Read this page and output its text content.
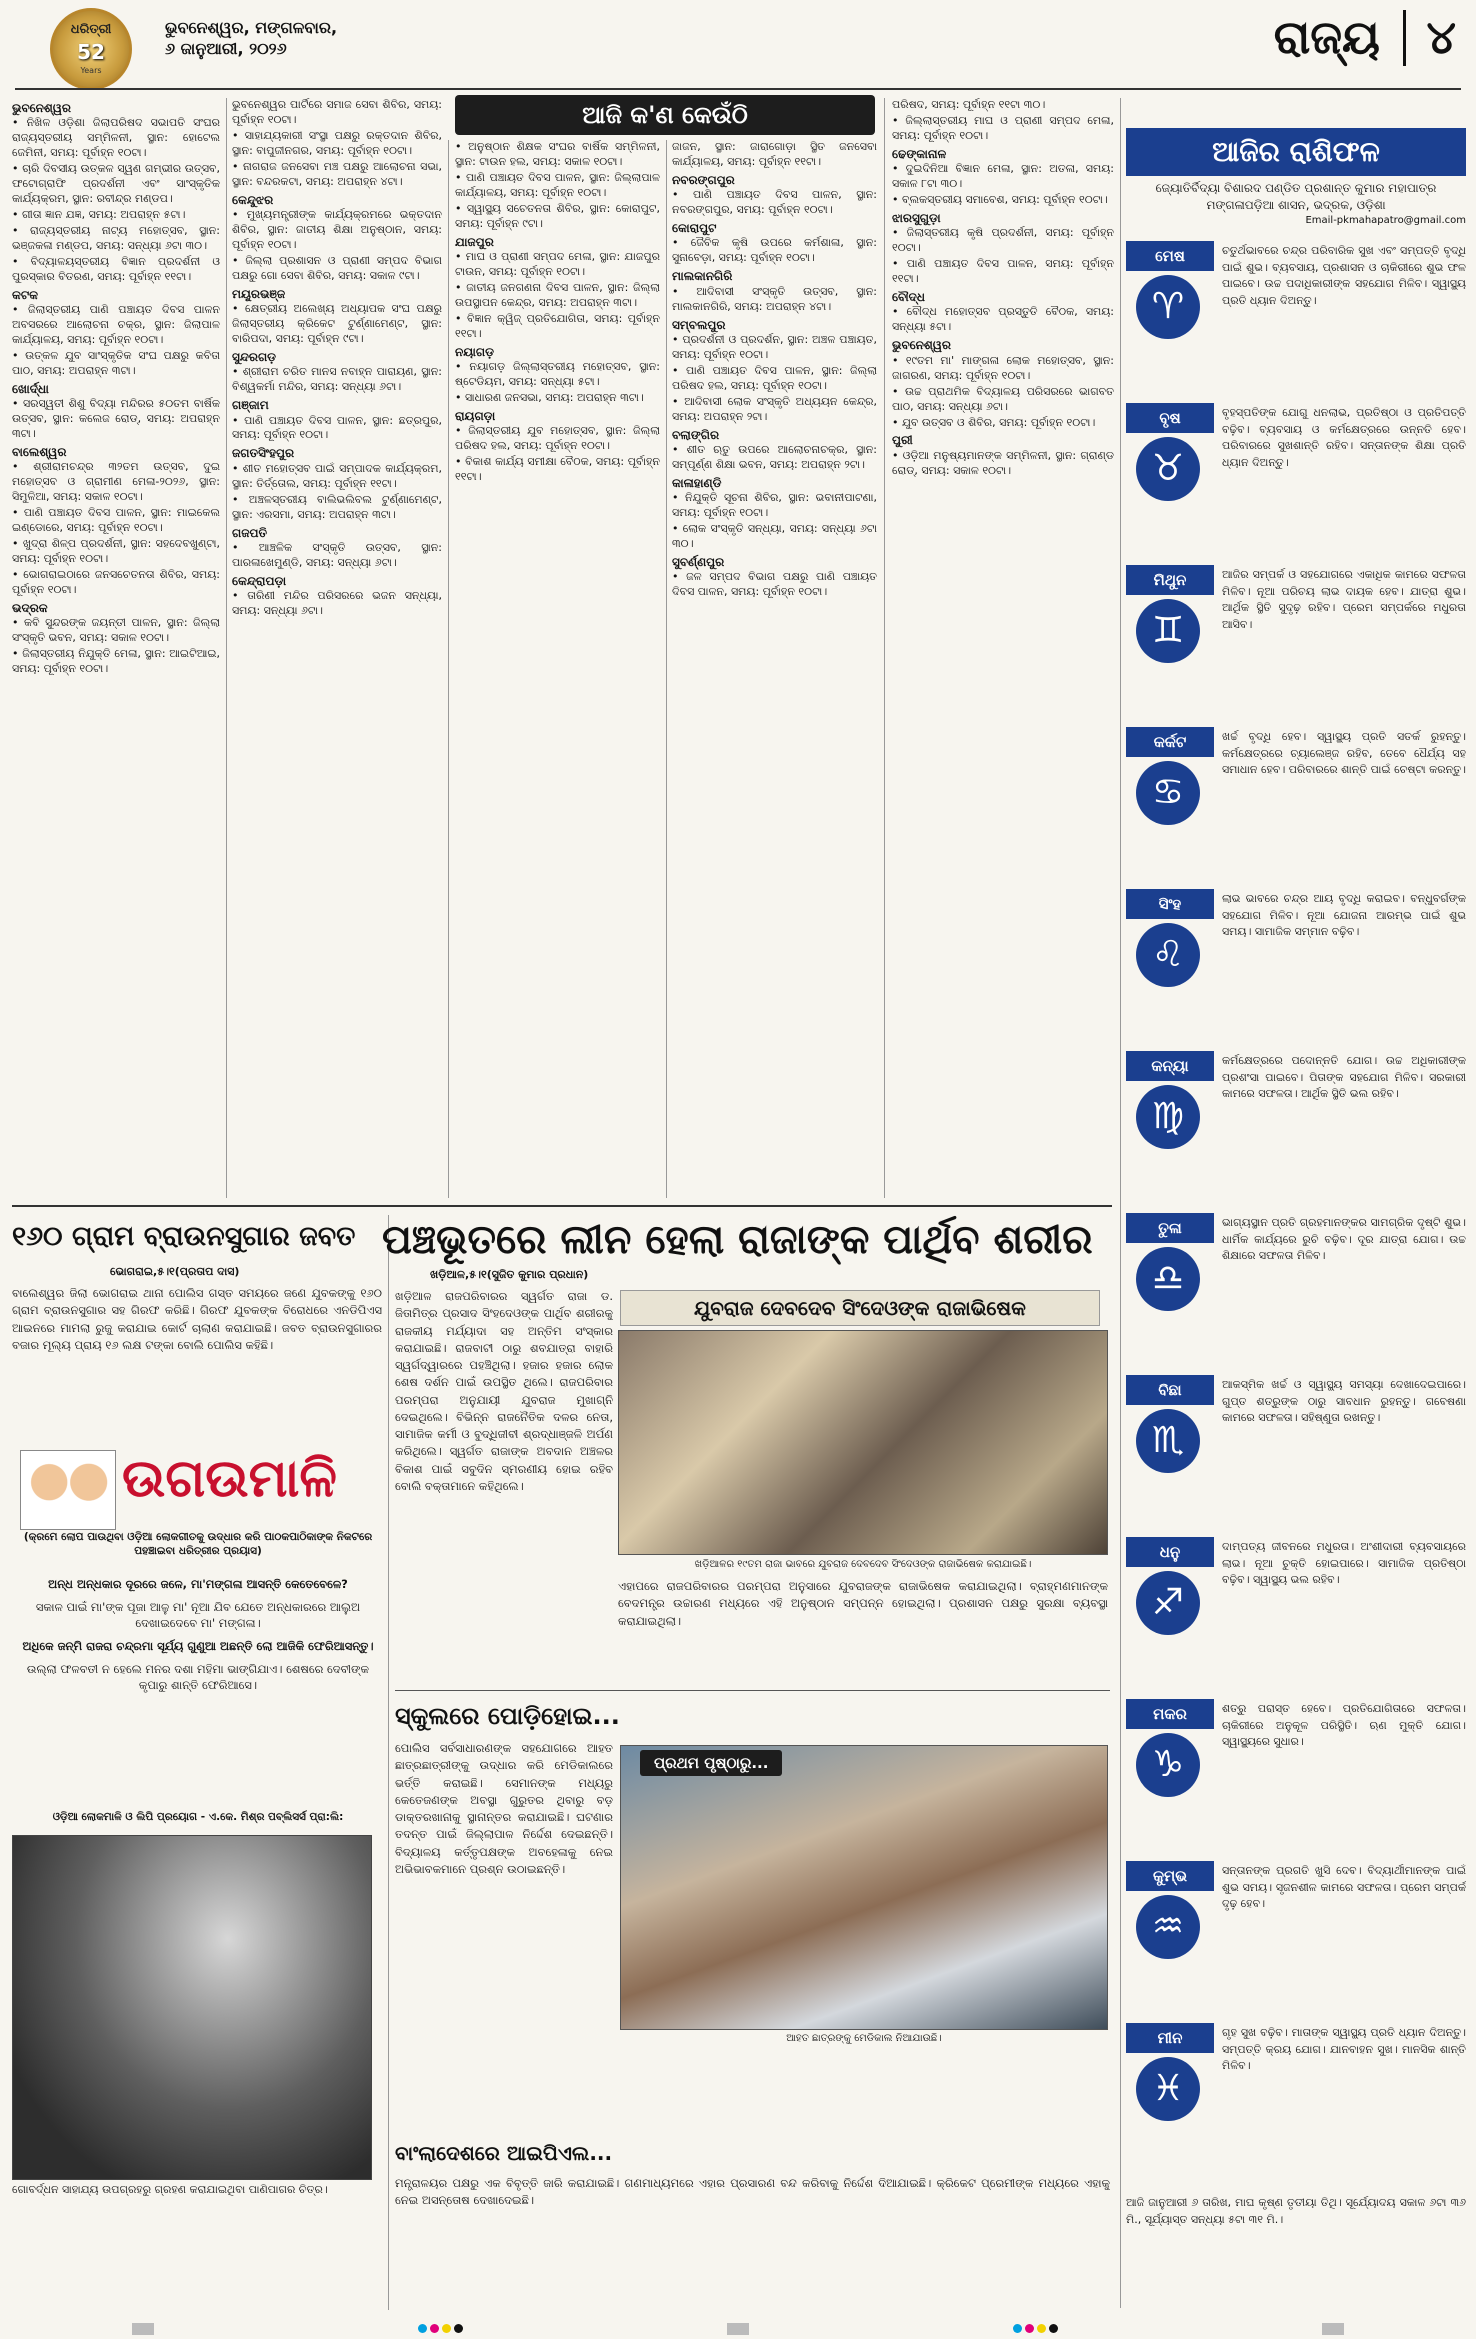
ଧରିତ୍ରୀ
52
Years
ଭୁବନେଶ୍ୱର, ମଙ୍ଗଳବାର,
୬ ଜାନୁଆରୀ, ୨୦୨୬	ରାଜ୍ୟ ୪
ଆଜି କ'ଣ କେଉଁଠି
ଭୁବନେଶ୍ୱର

• ନିଖିଳ ଓଡ଼ିଶା ଜିଲାପରିଷଦ ସଭାପତି ସଂଘର ରାଜ୍ୟସ୍ତରୀୟ ସମ୍ମିଳନୀ, ସ୍ଥାନ: ହୋଟେଲ ଜେମିନୀ, ସମୟ: ପୂର୍ବାହ୍ନ ୧୦ଟା।

• ଚାରି ଦିବସୀୟ ଉତ୍କଳ ସ୍ୱଣ ଗମ୍ଭୀର ଉତ୍ସବ, ଫଟୋଗ୍ରାଫି ପ୍ରଦର୍ଶନୀ ଏବଂ ସାଂସ୍କୃତିକ କାର୍ଯ୍ୟକ୍ରମ, ସ୍ଥାନ: ରବୀନ୍ଦ୍ର ମଣ୍ଡପ।

• ଗୀତା ଜ୍ଞାନ ଯଜ୍ଞ, ସମୟ: ଅପରାହ୍ନ ୫ଟା।

• ରାଜ୍ୟସ୍ତରୀୟ ନାଟ୍ୟ ମହୋତ୍ସବ, ସ୍ଥାନ: ଭଞ୍ଜକଳା ମଣ୍ଡପ, ସମୟ: ସନ୍ଧ୍ୟା ୬ଟା ୩୦।

• ବିଦ୍ୟାଳୟସ୍ତରୀୟ ବିଜ୍ଞାନ ପ୍ରଦର୍ଶନୀ ଓ ପୁରସ୍କାର ବିତରଣ, ସମୟ: ପୂର୍ବାହ୍ନ ୧୧ଟା।

କଟକ

• ଜିଲାସ୍ତରୀୟ ପାଣି ପଞ୍ଚାୟତ ଦିବସ ପାଳନ ଅବସରରେ ଆଲୋଚନା ଚକ୍ର, ସ୍ଥାନ: ଜିଲାପାଳ କାର୍ଯ୍ୟାଳୟ, ସମୟ: ପୂର୍ବାହ୍ନ ୧୦ଟା।

• ଉତ୍କଳ ଯୁବ ସାଂସ୍କୃତିକ ସଂଘ ପକ୍ଷରୁ କବିତା ପାଠ, ସମୟ: ଅପରାହ୍ନ ୩ଟା।

ଖୋର୍ଦ୍ଧା

• ସରସ୍ୱତୀ ଶିଶୁ ବିଦ୍ୟା ମନ୍ଦିରର ୫୦ତମ ବାର୍ଷିକ ଉତ୍ସବ, ସ୍ଥାନ: କଲେଜ ରୋଡ୍, ସମୟ: ଅପରାହ୍ନ ୩ଟା।

ବାଲେଶ୍ୱର

• ଶ୍ରୀରାମଚନ୍ଦ୍ର ୩୨ତମ ଉତ୍ସବ, ଦୁଇ ମହୋତ୍ସବ ଓ ଗ୍ରାମୀଣ ମେଳା-୨୦୨୬, ସ୍ଥାନ: ସିମୁଳିଆ, ସମୟ: ସକାଳ ୧୦ଟା।

• ପାଣି ପଞ୍ଚାୟତ ଦିବସ ପାଳନ, ସ୍ଥାନ: ମାଇକେଲ ଇଣ୍ଡୋରେ, ସମୟ: ପୂର୍ବାହ୍ନ ୧୦ଟା।

• ଖୁଦ୍ରା ଶିଳ୍ପ ପ୍ରଦର୍ଶନୀ, ସ୍ଥାନ: ସହଦେବଖୁଣ୍ଟା, ସମୟ: ପୂର୍ବାହ୍ନ ୧୦ଟା।

• ଭୋଗରାଇଠାରେ ଜନସଚେତନତା ଶିବିର, ସମୟ: ପୂର୍ବାହ୍ନ ୧୦ଟା।

ଭଦ୍ରକ

• କବି ସୁନ୍ଦରଙ୍କ ଜୟନ୍ତୀ ପାଳନ, ସ୍ଥାନ: ଜିଲ୍ଲା ସଂସ୍କୃତି ଭବନ, ସମୟ: ସକାଳ ୧୦ଟା।

• ଜିଲାସ୍ତରୀୟ ନିଯୁକ୍ତି ମେଳା, ସ୍ଥାନ: ଆଇଟିଆଇ, ସମୟ: ପୂର୍ବାହ୍ନ ୧୦ଟା।

ଭୁବନେଶ୍ୱର ପାର୍ଟିରେ ସମାଜ ସେବା ଶିବିର, ସମୟ: ପୂର୍ବାହ୍ନ ୧୦ଟା।

• ସାହାଯ୍ୟକାରୀ ସଂସ୍ଥା ପକ୍ଷରୁ ରକ୍ତଦାନ ଶିବିର, ସ୍ଥାନ: ବାପୁଜୀନଗର, ସମୟ: ପୂର୍ବାହ୍ନ ୧୦ଟା।

• ନାଗରାଜ ଜନସେବା ମଞ୍ଚ ପକ୍ଷରୁ ଆଲୋଚନା ସଭା, ସ୍ଥାନ: ବନ୍ଦରକଟା, ସମୟ: ଅପରାହ୍ନ ୪ଟା।

କେନ୍ଦୁଝର

• ମୁଖ୍ୟମନ୍ତ୍ରୀଙ୍କ କାର୍ଯ୍ୟକ୍ରମରେ ଭକ୍ତଦାନ ଶିବିର, ସ୍ଥାନ: ଜାତୀୟ ଶିକ୍ଷା ଅନୁଷ୍ଠାନ, ସମୟ: ପୂର୍ବାହ୍ନ ୧୦ଟା।

• ଜିଲ୍ଲା ପ୍ରଶାସନ ଓ ପ୍ରାଣୀ ସମ୍ପଦ ବିଭାଗ ପକ୍ଷରୁ ଗୋ ସେବା ଶିବିର, ସମୟ: ସକାଳ ୯ଟା।

ମୟୂରଭଞ୍ଜ

• କ୍ଷେତ୍ରୀୟ ଅଲେଖ୍ୟ ଅଧ୍ୟାପକ ସଂଘ ପକ୍ଷରୁ ଜିଲାସ୍ତରୀୟ କ୍ରିକେଟ ଟୁର୍ଣ୍ଣାମେଣ୍ଟ, ସ୍ଥାନ: ବାରିପଦା, ସମୟ: ପୂର୍ବାହ୍ନ ୯ଟା।

ସୁନ୍ଦରଗଡ଼

• ଶ୍ରୀରାମ ଚରିତ ମାନସ ନବାହ୍ନ ପାରାୟଣ, ସ୍ଥାନ: ବିଶ୍ୱକର୍ମା ମନ୍ଦିର, ସମୟ: ସନ୍ଧ୍ୟା ୬ଟା।

ଗଞ୍ଜାମ

• ପାଣି ପଞ୍ଚାୟତ ଦିବସ ପାଳନ, ସ୍ଥାନ: ଛତ୍ରପୁର, ସମୟ: ପୂର୍ବାହ୍ନ ୧୦ଟା।

ଜଗତସିଂହପୁର

• ଶୀତ ମହୋତ୍ସବ ପାଇଁ ସମ୍ପାଦକ କାର୍ଯ୍ୟକ୍ରମ, ସ୍ଥାନ: ତିର୍ତ୍ତୋଲ, ସମୟ: ପୂର୍ବାହ୍ନ ୧୧ଟା।

• ଅଞ୍ଚଳସ୍ତରୀୟ ବାଲିଭଲିବଲ ଟୁର୍ଣ୍ଣାମେଣ୍ଟ, ସ୍ଥାନ: ଏରସମା, ସମୟ: ଅପରାହ୍ନ ୩ଟା।

ଗଜପତି

• ଆଞ୍ଚଳିକ ସଂସ୍କୃତି ଉତ୍ସବ, ସ୍ଥାନ: ପାରଳାଖେମୁଣ୍ଡି, ସମୟ: ସନ୍ଧ୍ୟା ୬ଟା।

କେନ୍ଦ୍ରାପଡ଼ା

• ତାରିଣୀ ମନ୍ଦିର ପରିସରରେ ଭଜନ ସନ୍ଧ୍ୟା, ସମୟ: ସନ୍ଧ୍ୟା ୬ଟା।

• ଅନୁଷ୍ଠାନ ଶିକ୍ଷକ ସଂଘର ବାର୍ଷିକ ସମ୍ମିଳନୀ, ସ୍ଥାନ: ଟାଉନ ହଲ, ସମୟ: ସକାଳ ୧୦ଟା।

• ପାଣି ପଞ୍ଚାୟତ ଦିବସ ପାଳନ, ସ୍ଥାନ: ଜିଲ୍ଲାପାଳ କାର୍ଯ୍ୟାଳୟ, ସମୟ: ପୂର୍ବାହ୍ନ ୧୦ଟା।

• ସ୍ୱାସ୍ଥ୍ୟ ସଚେତନତା ଶିବିର, ସ୍ଥାନ: କୋରାପୁଟ, ସମୟ: ପୂର୍ବାହ୍ନ ୯ଟା।

ଯାଜପୁର

• ମାଘ ଓ ପ୍ରାଣୀ ସମ୍ପଦ ମେଳା, ସ୍ଥାନ: ଯାଜପୁର ଟାଉନ, ସମୟ: ପୂର୍ବାହ୍ନ ୧୦ଟା।

• ଜାତୀୟ ଜନଗଣନା ଦିବସ ପାଳନ, ସ୍ଥାନ: ଜିଲ୍ଲା ଉପସ୍ଥାପନ କେନ୍ଦ୍ର, ସମୟ: ଅପରାହ୍ନ ୩ଟା।

• ବିଜ୍ଞାନ କ୍ୱିଜ୍ ପ୍ରତିଯୋଗିତା, ସମୟ: ପୂର୍ବାହ୍ନ ୧୧ଟା।

ନୟାଗଡ଼

• ନୟାଗଡ଼ ଜିଲ୍ଲାସ୍ତରୀୟ ମହୋତ୍ସବ, ସ୍ଥାନ: ଷ୍ଟେଡିୟମ, ସମୟ: ସନ୍ଧ୍ୟା ୫ଟା।

• ସାଧାରଣ ଜନସଭା, ସମୟ: ଅପରାହ୍ନ ୩ଟା।

ରାୟଗଡ଼ା

• ଜିଲାସ୍ତରୀୟ ଯୁବ ମହୋତ୍ସବ, ସ୍ଥାନ: ଜିଲ୍ଲା ପରିଷଦ ହଲ, ସମୟ: ପୂର୍ବାହ୍ନ ୧୦ଟା।

• ବିକାଶ କାର୍ଯ୍ୟ ସମୀକ୍ଷା ବୈଠକ, ସମୟ: ପୂର୍ବାହ୍ନ ୧୧ଟା।

ଜାଜନ, ସ୍ଥାନ: ଜାରାଗୋଡ଼ା ସ୍ଥିତ ଜନସେବା କାର୍ଯ୍ୟାଳୟ, ସମୟ: ପୂର୍ବାହ୍ନ ୧୧ଟା।

ନବରଙ୍ଗପୁର

• ପାଣି ପଞ୍ଚାୟତ ଦିବସ ପାଳନ, ସ୍ଥାନ: ନବରଙ୍ଗପୁର, ସମୟ: ପୂର୍ବାହ୍ନ ୧୦ଟା।

କୋରାପୁଟ

• ଜୈବିକ କୃଷି ଉପରେ କର୍ମଶାଳା, ସ୍ଥାନ: ସୁନାବେଡ଼ା, ସମୟ: ପୂର୍ବାହ୍ନ ୧୦ଟା।

ମାଲକାନଗିରି

• ଆଦିବାସୀ ସଂସ୍କୃତି ଉତ୍ସବ, ସ୍ଥାନ: ମାଲକାନଗିରି, ସମୟ: ଅପରାହ୍ନ ୪ଟା।

ସମ୍ବଲପୁର

• ପ୍ରଦର୍ଶନୀ ଓ ପ୍ରଦର୍ଶନ, ସ୍ଥାନ: ଅଞ୍ଚଳ ପଞ୍ଚାୟତ, ସମୟ: ପୂର୍ବାହ୍ନ ୧୦ଟା।

• ପାଣି ପଞ୍ଚାୟତ ଦିବସ ପାଳନ, ସ୍ଥାନ: ଜିଲ୍ଲା ପରିଷଦ ହଲ, ସମୟ: ପୂର୍ବାହ୍ନ ୧୦ଟା।

• ଆଦିବାସୀ ଲୋକ ସଂସ୍କୃତି ଅଧ୍ୟୟନ କେନ୍ଦ୍ର, ସମୟ: ଅପରାହ୍ନ ୨ଟା।

ବଲାଙ୍ଗିର

• ଶୀତ ଋତୁ ଉପରେ ଆଲୋଚନାଚକ୍ର, ସ୍ଥାନ: ସମ୍ପୂର୍ଣ୍ଣ ଶିକ୍ଷା ଭବନ, ସମୟ: ଅପରାହ୍ନ ୨ଟା।

କାଳାହାଣ୍ଡି

• ନିଯୁକ୍ତି ସୂଚନା ଶିବିର, ସ୍ଥାନ: ଭବାନୀପାଟଣା, ସମୟ: ପୂର୍ବାହ୍ନ ୧୦ଟା।

• ଲୋକ ସଂସ୍କୃତି ସନ୍ଧ୍ୟା, ସମୟ: ସନ୍ଧ୍ୟା ୬ଟା ୩୦।

ସୁବର୍ଣ୍ଣପୁର

• ଜଳ ସମ୍ପଦ ବିଭାଗ ପକ୍ଷରୁ ପାଣି ପଞ୍ଚାୟତ ଦିବସ ପାଳନ, ସମୟ: ପୂର୍ବାହ୍ନ ୧୦ଟା।

ପରିଷଦ, ସମୟ: ପୂର୍ବାହ୍ନ ୧୧ଟା ୩୦।

• ଜିଲ୍ଲାସ୍ତରୀୟ ମାଘ ଓ ପ୍ରାଣୀ ସମ୍ପଦ ମେଳା, ସମୟ: ପୂର୍ବାହ୍ନ ୧୦ଟା।

ଢେଙ୍କାନାଳ

• ଦୁଇଦିନିଆ ବିଜ୍ଞାନ ମେଳା, ସ୍ଥାନ: ଅତଳା, ସମୟ: ସକାଳ ୮ଟା ୩୦।

• ବ୍ଲକସ୍ତରୀୟ ସମାବେଶ, ସମୟ: ପୂର୍ବାହ୍ନ ୧୦ଟା।

ଝାରସୁଗୁଡ଼ା

• ଜିଲାସ୍ତରୀୟ କୃଷି ପ୍ରଦର୍ଶନୀ, ସମୟ: ପୂର୍ବାହ୍ନ ୧୦ଟା।

• ପାଣି ପଞ୍ଚାୟତ ଦିବସ ପାଳନ, ସମୟ: ପୂର୍ବାହ୍ନ ୧୧ଟା।

ବୌଦ୍ଧ

• ବୌଦ୍ଧ ମହୋତ୍ସବ ପ୍ରସ୍ତୁତି ବୈଠକ, ସମୟ: ସନ୍ଧ୍ୟା ୫ଟା।

ଭୁବନେଶ୍ୱର

• ୧୯ତମ ମା' ମାଙ୍ଗଳା ଲୋକ ମହୋତ୍ସବ, ସ୍ଥାନ: ଜାଗରଣ, ସମୟ: ପୂର୍ବାହ୍ନ ୧୦ଟା।

• ଉଚ୍ଚ ପ୍ରାଥମିକ ବିଦ୍ୟାଳୟ ପରିସରରେ ଭାଗବତ ପାଠ, ସମୟ: ସନ୍ଧ୍ୟା ୬ଟା।

• ଯୁବ ଉତ୍ସବ ଓ ଶିବିର, ସମୟ: ପୂର୍ବାହ୍ନ ୧୦ଟା।

ପୁରୀ

• ଓଡ଼ିଆ ମନୁଷ୍ୟମାନଙ୍କ ସମ୍ମିଳନୀ, ସ୍ଥାନ: ଗ୍ରାଣ୍ଡ ରୋଡ୍, ସମୟ: ସକାଳ ୧୦ଟା।

ଆଜିର ରାଶିଫଳ
ଜ୍ୟୋତିର୍ବିଦ୍ୟା ବିଶାରଦ ପଣ୍ଡିତ ପ୍ରଶାନ୍ତ କୁମାର ମହାପାତ୍ର
ମଙ୍ଗଳାପଡ଼ିଆ ଶାସନ, ଭଦ୍ରକ, ଓଡ଼ିଶା
Email-pkmahapatro@gmail.com
ମେଷ
♈
ଚତୁର୍ଥଭାବରେ ଚନ୍ଦ୍ର ପରିବାରିକ ସୁଖ ଏବଂ ସମ୍ପତ୍ତି ବୃଦ୍ଧି ପାଇଁ ଶୁଭ। ବ୍ୟବସାୟ, ପ୍ରଶାସନ ଓ ଚାକିରୀରେ ଶୁଭ ଫଳ ପାଇବେ। ଉଚ୍ଚ ପଦାଧିକାରୀଙ୍କ ସହଯୋଗ ମିଳିବ। ସ୍ୱାସ୍ଥ୍ୟ ପ୍ରତି ଧ୍ୟାନ ଦିଅନ୍ତୁ।
ବୃଷ
♉
ବୃହସ୍ପତିଙ୍କ ଯୋଗୁ ଧନଲାଭ, ପ୍ରତିଷ୍ଠା ଓ ପ୍ରତିପତ୍ତି ବଢ଼ିବ। ବ୍ୟବସାୟ ଓ କର୍ମକ୍ଷେତ୍ରରେ ଉନ୍ନତି ହେବ। ପରିବାରରେ ସୁଖଶାନ୍ତି ରହିବ। ସନ୍ତାନଙ୍କ ଶିକ୍ଷା ପ୍ରତି ଧ୍ୟାନ ଦିଅନ୍ତୁ।
ମିଥୁନ
♊
ଆଜିର ସମ୍ପର୍କ ଓ ସହଯୋଗରେ ଏକାଧିକ କାମରେ ସଫଳତା ମିଳିବ। ନୂଆ ପରିଚୟ ଲାଭ ଦାୟକ ହେବ। ଯାତ୍ରା ଶୁଭ। ଆର୍ଥିକ ସ୍ଥିତି ସୁଦୃଢ଼ ରହିବ। ପ୍ରେମ ସମ୍ପର୍କରେ ମଧୁରତା ଆସିବ।
କର୍କଟ
♋
ଖର୍ଚ୍ଚ ବୃଦ୍ଧି ହେବ। ସ୍ୱାସ୍ଥ୍ୟ ପ୍ରତି ସତର୍କ ରୁହନ୍ତୁ। କର୍ମକ୍ଷେତ୍ରରେ ଚ୍ୟାଲେଞ୍ଜ ରହିବ, ତେବେ ଧୈର୍ଯ୍ୟ ସହ ସମାଧାନ ହେବ। ପରିବାରରେ ଶାନ୍ତି ପାଇଁ ଚେଷ୍ଟା କରନ୍ତୁ।
ସିଂହ
♌
ଲାଭ ଭାବରେ ଚନ୍ଦ୍ର ଆୟ ବୃଦ୍ଧି କରାଇବ। ବନ୍ଧୁବର୍ଗଙ୍କ ସହଯୋଗ ମିଳିବ। ନୂଆ ଯୋଜନା ଆରମ୍ଭ ପାଇଁ ଶୁଭ ସମୟ। ସାମାଜିକ ସମ୍ମାନ ବଢ଼ିବ।
କନ୍ୟା
♍
କର୍ମକ୍ଷେତ୍ରରେ ପଦୋନ୍ନତି ଯୋଗ। ଉଚ୍ଚ ଅଧିକାରୀଙ୍କ ପ୍ରଶଂସା ପାଇବେ। ପିତାଙ୍କ ସହଯୋଗ ମିଳିବ। ସରକାରୀ କାମରେ ସଫଳତା। ଆର୍ଥିକ ସ୍ଥିତି ଭଲ ରହିବ।
ତୁଳା
♎
ଭାଗ୍ୟସ୍ଥାନ ପ୍ରତି ଗ୍ରହମାନଙ୍କର ସାମଗ୍ରିକ ଦୃଷ୍ଟି ଶୁଭ। ଧାର୍ମିକ କାର୍ଯ୍ୟରେ ରୁଚି ବଢ଼ିବ। ଦୂର ଯାତ୍ରା ଯୋଗ। ଉଚ୍ଚ ଶିକ୍ଷାରେ ସଫଳତା ମିଳିବ।
ବିଛା
♏
ଆକସ୍ମିକ ଖର୍ଚ୍ଚ ଓ ସ୍ୱାସ୍ଥ୍ୟ ସମସ୍ୟା ଦେଖାଦେଇପାରେ। ଗୁପ୍ତ ଶତ୍ରୁଙ୍କ ଠାରୁ ସାବଧାନ ରୁହନ୍ତୁ। ଗବେଷଣା କାମରେ ସଫଳତା। ସହିଷ୍ଣୁତା ରଖନ୍ତୁ।
ଧନୁ
♐
ଦାମ୍ପତ୍ୟ ଜୀବନରେ ମଧୁରତା। ଅଂଶୀଦାରୀ ବ୍ୟବସାୟରେ ଲାଭ। ନୂଆ ଚୁକ୍ତି ହୋଇପାରେ। ସାମାଜିକ ପ୍ରତିଷ୍ଠା ବଢ଼ିବ। ସ୍ୱାସ୍ଥ୍ୟ ଭଲ ରହିବ।
ମକର
♑
ଶତ୍ରୁ ପରାସ୍ତ ହେବେ। ପ୍ରତିଯୋଗିତାରେ ସଫଳତା। ଚାକିରୀରେ ଅନୁକୂଳ ପରିସ୍ଥିତି। ଋଣ ମୁକ୍ତି ଯୋଗ। ସ୍ୱାସ୍ଥ୍ୟରେ ସୁଧାର।
କୁମ୍ଭ
♒
ସନ୍ତାନଙ୍କ ପ୍ରଗତି ଖୁସି ଦେବ। ବିଦ୍ୟାର୍ଥୀମାନଙ୍କ ପାଇଁ ଶୁଭ ସମୟ। ସୃଜନଶୀଳ କାମରେ ସଫଳତା। ପ୍ରେମ ସମ୍ପର୍କ ଦୃଢ଼ ହେବ।
ମୀନ
♓
ଗୃହ ସୁଖ ବଢ଼ିବ। ମାତାଙ୍କ ସ୍ୱାସ୍ଥ୍ୟ ପ୍ରତି ଧ୍ୟାନ ଦିଅନ୍ତୁ। ସମ୍ପତ୍ତି କ୍ରୟ ଯୋଗ। ଯାନବାହନ ସୁଖ। ମାନସିକ ଶାନ୍ତି ମିଳିବ।
ଆଜି ଜାନୁଆରୀ ୬ ତାରିଖ, ମାଘ କୃଷ୍ଣ ତୃତୀୟା ତିଥି। ସୂର୍ଯ୍ୟୋଦୟ ସକାଳ ୬ଟା ୩୬ ମି., ସୂର୍ଯ୍ୟାସ୍ତ ସନ୍ଧ୍ୟା ୫ଟା ୩୧ ମି.।
୧୬୦ ଗ୍ରାମ ବ୍ରାଉନସୁଗାର ଜବତ
ଭୋଗରାଇ,୫।୧(ପ୍ରତାପ ଦାସ)
ବାଲେଶ୍ୱର ଜିଲା ଭୋଗରାଇ ଥାନା ପୋଲିସ ଗସ୍ତ ସମୟରେ ଜଣେ ଯୁବକଙ୍କୁ ୧୬୦ ଗ୍ରାମ ବ୍ରାଉନସୁଗାର ସହ ଗିରଫ କରିଛି। ଗିରଫ ଯୁବକଙ୍କ ବିରୋଧରେ ଏନଡିପିଏସ ଆଇନରେ ମାମଲା ରୁଜୁ କରାଯାଇ କୋର୍ଟ ଚାଲାଣ କରାଯାଇଛି। ଜବତ ବ୍ରାଉନସୁଗାରର ବଜାର ମୂଲ୍ୟ ପ୍ରାୟ ୧୬ ଲକ୍ଷ ଟଙ୍କା ବୋଲି ପୋଲିସ କହିଛି।
ଉଗଉମାଳି
(କ୍ରମେ ଲୋପ ପାଉଥିବା ଓଡ଼ିଆ ଲୋକଗୀତକୁ ଉଦ୍ଧାର କରି ପାଠକପାଠିକାଙ୍କ ନିକଟରେ ପହଞ୍ଚାଇବା ଧରିତ୍ରୀର ପ୍ରୟାସ)

ଅନ୍ଧ ଅନ୍ଧକାର ଦୂରରେ ଜଳେ, ମା'ମଙ୍ଗଳା ଆସନ୍ତି କେତେବେଳେ?

ସକାଳ ପାଇଁ ମା'ଙ୍କ ପୂଜା ଆଳୁ ମା' ନୂଆ ଯିବ ଯେତେ ଅନ୍ଧକାରରେ ଆଲୁଅ ଦେଖାଇଦେବେ ମା' ମଙ୍ଗଳା।

ଅଧିକେ ଜନ୍ମି ରାଜରା ଚନ୍ଦ୍ରମା ସୂର୍ଯ୍ୟ ଗୁଣୁଆ ଅଛନ୍ତି ଲୋ ଆଜିକି ଫେରିଆସନ୍ତୁ।

ଉଲ୍ଲା ଫଳବତୀ ନ ହେଲେ ମନର ଦଶା ମହିମା ଭାଙ୍ଗିଯାଏ। ଶେଷରେ ଦେବୀଙ୍କ କୃପାରୁ ଶାନ୍ତି ଫେରିଆସେ।

ଓଡ଼ିଆ ଲୋକମାଳି ଓ ଲିପି ପ୍ରୟୋଗ - ଏ.କେ. ମିଶ୍ର ପବ୍ଲିସର୍ସ ପ୍ରା:ଲି:
ଗୋବର୍ଦ୍ଧନ ସାହାଯ୍ୟ ଉପଗ୍ରହରୁ ଗ୍ରହଣ କରାଯାଇଥିବା ପାଣିପାଗର ଚିତ୍ର।
ପଞ୍ଚଭୂତରେ ଲୀନ ହେଲା ରାଜାଙ୍କ ପାର୍ଥିବ ଶରୀର
ଖଡ଼ିଆଳ,୫।୧(ସୁଜିତ କୁମାର ପ୍ରଧାନ)
ଖଡ଼ିଆଳ ରାଜପରିବାରର ସ୍ୱର୍ଗତ ରାଜା ଡ. ଜିତାମିତ୍ର ପ୍ରସାଦ ସିଂହଦେଓଙ୍କ ପାର୍ଥିବ ଶରୀରକୁ ରାଜକୀୟ ମର୍ଯ୍ୟାଦା ସହ ଅନ୍ତିମ ସଂସ୍କାର କରାଯାଇଛି। ରାଜବାଟୀ ଠାରୁ ଶବଯାତ୍ରା ବାହାରି ସ୍ୱର୍ଗଦ୍ୱାରରେ ପହଞ୍ଚିଥିଲା। ହଜାର ହଜାର ଲୋକ ଶେଷ ଦର୍ଶନ ପାଇଁ ଉପସ୍ଥିତ ଥିଲେ। ରାଜପରିବାର ପରମ୍ପରା ଅନୁଯାୟୀ ଯୁବରାଜ ମୁଖାଗ୍ନି ଦେଇଥିଲେ। ବିଭିନ୍ନ ରାଜନୈତିକ ଦଳର ନେତା, ସାମାଜିକ କର୍ମୀ ଓ ବୁଦ୍ଧିଜୀବୀ ଶ୍ରଦ୍ଧାଞ୍ଜଳି ଅର୍ପଣ କରିଥିଲେ। ସ୍ୱର୍ଗତ ରାଜାଙ୍କ ଅବଦାନ ଅଞ୍ଚଳର ବିକାଶ ପାଇଁ ସବୁଦିନ ସ୍ମରଣୀୟ ହୋଇ ରହିବ ବୋଲି ବକ୍ତାମାନେ କହିଥିଲେ।
ଯୁବରାଜ ଦେବଦେବ ସିଂଦେଓଙ୍କ ରାଜାଭିଷେକ
ଖଡ଼ିଆଳର ୧୯ତମ ରାଜା ଭାବରେ ଯୁବରାଜ ଦେବଦେବ ସିଂଦେଓଙ୍କ ରାଜାଭିଷେକ କରାଯାଇଛି।
ଏହାପରେ ରାଜପରିବାରର ପରମ୍ପରା ଅନୁସାରେ ଯୁବରାଜଙ୍କ ରାଜାଭିଷେକ କରାଯାଇଥିଲା। ବ୍ରାହ୍ମଣମାନଙ୍କ ବେଦମନ୍ତ୍ର ଉଚ୍ଚାରଣ ମଧ୍ୟରେ ଏହି ଅନୁଷ୍ଠାନ ସମ୍ପନ୍ନ ହୋଇଥିଲା। ପ୍ରଶାସନ ପକ୍ଷରୁ ସୁରକ୍ଷା ବ୍ୟବସ୍ଥା କରାଯାଇଥିଲା।
ସ୍କୁଲରେ ପୋଡ଼ିହୋଇ...
ପୋଲିସ ସର୍ବସାଧାରଣଙ୍କ ସହଯୋଗରେ ଆହତ ଛାତ୍ରଛାତ୍ରୀଙ୍କୁ ଉଦ୍ଧାର କରି ମେଡିକାଲରେ ଭର୍ତ୍ତି କରାଇଛି। ସେମାନଙ୍କ ମଧ୍ୟରୁ କେତେଜଣଙ୍କ ଅବସ୍ଥା ଗୁରୁତର ଥିବାରୁ ବଡ଼ ଡାକ୍ତରଖାନାକୁ ସ୍ଥାନାନ୍ତର କରାଯାଇଛି। ଘଟଣାର ତଦନ୍ତ ପାଇଁ ଜିଲ୍ଲାପାଳ ନିର୍ଦ୍ଦେଶ ଦେଇଛନ୍ତି। ବିଦ୍ୟାଳୟ କର୍ତ୍ତୃପକ୍ଷଙ୍କ ଅବହେଳାକୁ ନେଇ ଅଭିଭାବକମାନେ ପ୍ରଶ୍ନ ଉଠାଇଛନ୍ତି।
ପ୍ରଥମ ପୃଷ୍ଠାରୁ...
ଆହତ ଛାତ୍ରଙ୍କୁ ମେଡିକାଲ ନିଆଯାଉଛି।
ବାଂଲାଦେଶରେ ଆଇପିଏଲ...
ମନ୍ତ୍ରାଳୟର ପକ୍ଷରୁ ଏକ ବିବୃତ୍ତି ଜାରି କରାଯାଇଛି। ଗଣମାଧ୍ୟମରେ ଏହାର ପ୍ରସାରଣ ବନ୍ଦ କରିବାକୁ ନିର୍ଦ୍ଦେଶ ଦିଆଯାଇଛି। କ୍ରିକେଟ ପ୍ରେମୀଙ୍କ ମଧ୍ୟରେ ଏହାକୁ ନେଇ ଅସନ୍ତୋଷ ଦେଖାଦେଇଛି।
